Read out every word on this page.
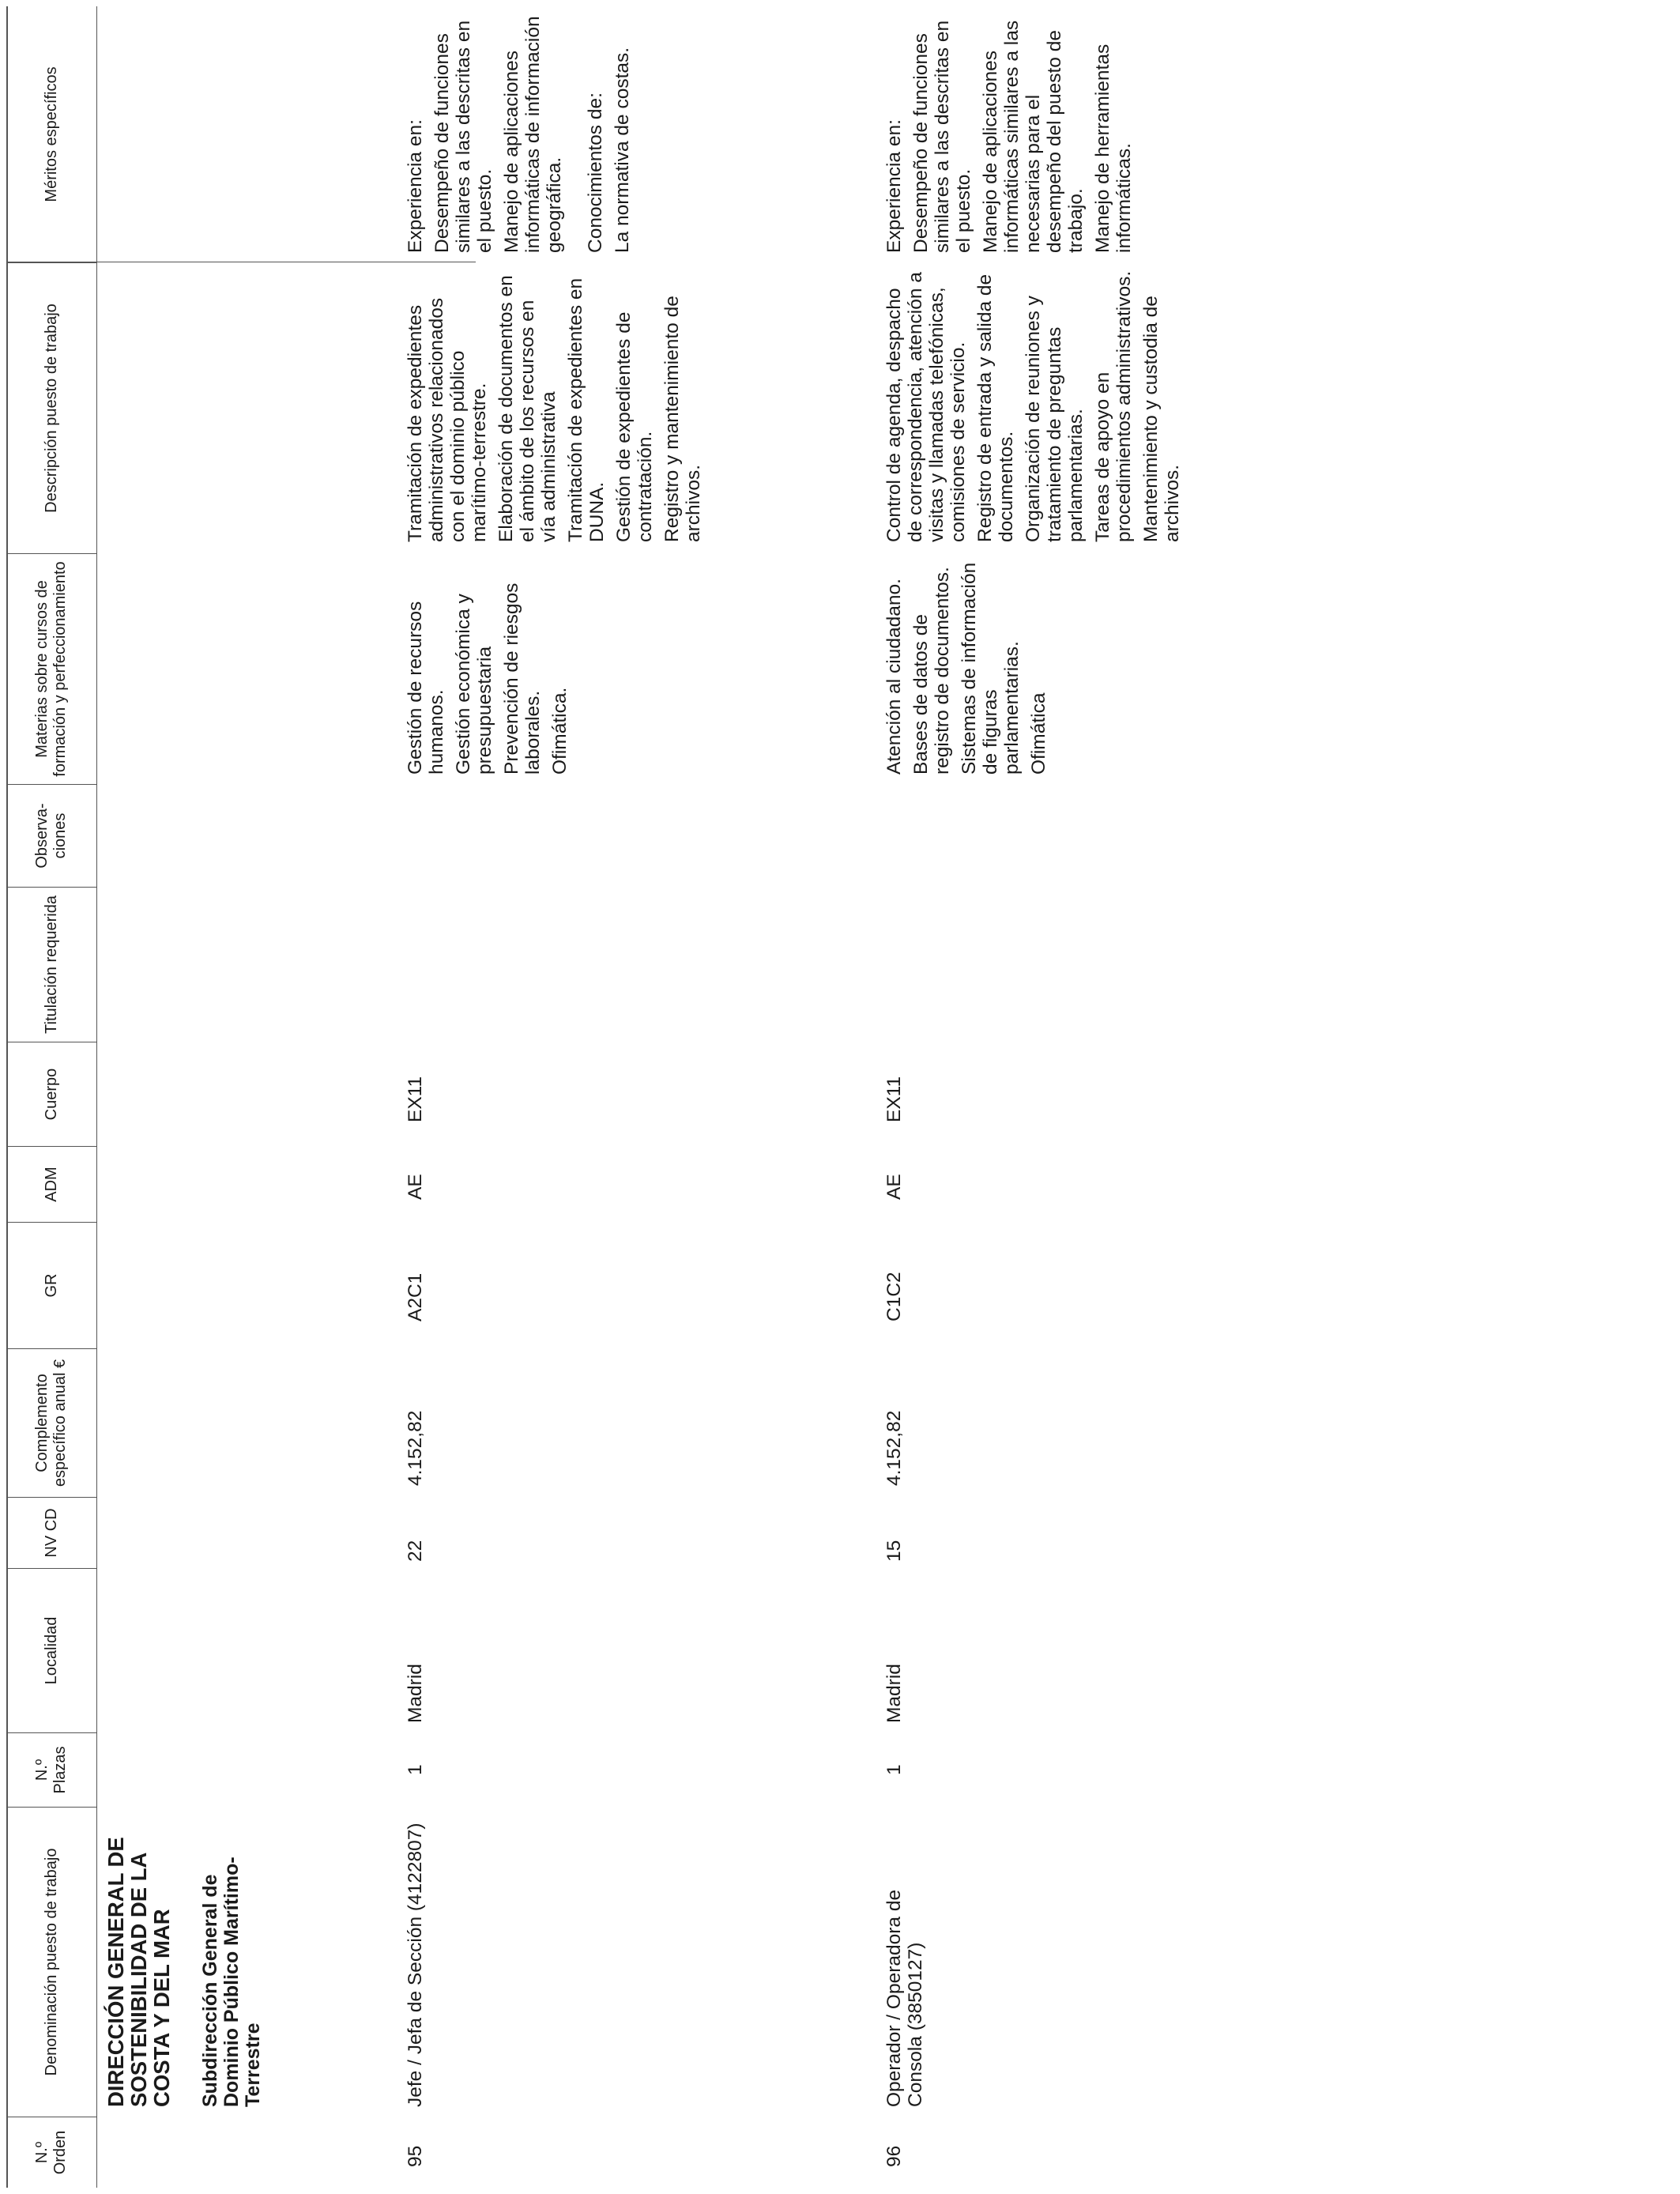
N.º Orden
Denominación puesto de trabajo
N.º Plazas
Localidad
NV CD
Complemento específico anual €
GR
ADM
Cuerpo
Titulación requerida
Observa-ciones
Materias sobre cursos de formación y perfeccionamiento
Descripción puesto de trabajo
Méritos específicos
DIRECCIÓN GENERAL DE SOSTENIBILIDAD DE LA COSTA Y DEL MAR Subdirección General de Dominio Público Marítimo-Terrestre
95
Jefe / Jefa de Sección (4122807)
1
Madrid
22
4.152,82
A2C1
AE
EX11
Gestión de recursos humanos. Gestión económica y presupuestaria Prevención de riesgos laborales. Ofimática.
Tramitación de expedientes administrativos relacionados con el dominio público marítimo-terrestre. Elaboración de documentos en el ámbito de los recursos en vía administrativa Tramitación de expedientes en DUNA. Gestión de expedientes de contratación. Registro y mantenimiento de archivos.
Experiencia en: Desempeño de funciones similares a las descritas en el puesto. Manejo de aplicaciones informáticas de información geográfica. Conocimientos de: La normativa de costas.
96
Operador / Operadora de Consola (3850127)
1
Madrid
15
4.152,82
C1C2
AE
EX11
Atención al ciudadano. Bases de datos de registro de documentos. Sistemas de información de figuras parlamentarias. Ofimática
Control de agenda, despacho de correspondencia, atención a visitas y llamadas telefónicas, comisiones de servicio. Registro de entrada y salida de documentos. Organización de reuniones y tratamiento de preguntas parlamentarias. Tareas de apoyo en procedimientos administrativos. Mantenimiento y custodia de archivos.
Experiencia en: Desempeño de funciones similares a las descritas en el puesto. Manejo de aplicaciones informáticas similares a las necesarias para el desempeño del puesto de trabajo. Manejo de herramientas informáticas.
